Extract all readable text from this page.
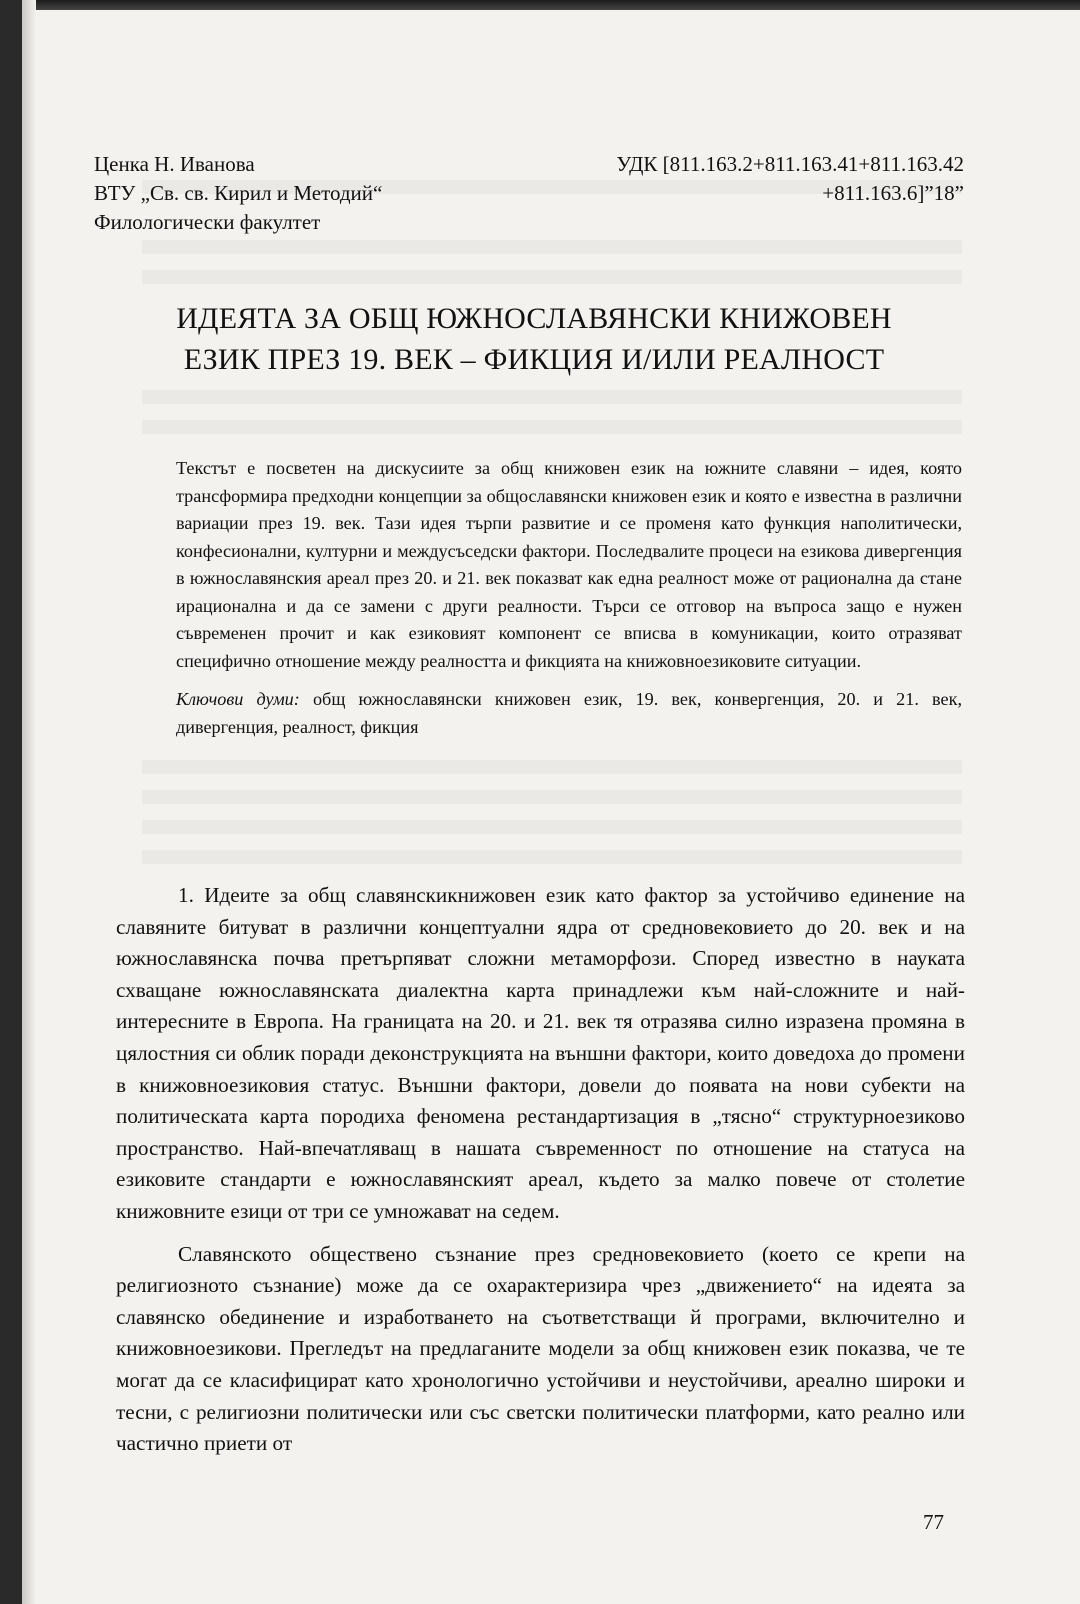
Ценка Н. Иванова	УДК [811.163.2+811.163.41+811.163.42
ВТУ „Св. св. Кирил и Методий“	+811.163.6]”18”
Филологически факултет
ИДЕЯТА ЗА ОБЩ ЮЖНОСЛАВЯНСКИ КНИЖОВЕН
ЕЗИК ПРЕЗ 19. ВЕК – ФИКЦИЯ И/ИЛИ РЕАЛНОСТ

Текстът е посветен на дискусиите за общ книжовен език на южните славяни – идея, която трансформира предходни концепции за общославянски книжовен език и която е известна в различни вариации през 19. век. Тази идея търпи развитие и се променя като функция наполитически, конфесионални, културни и междусъседски фактори. Последвалите процеси на езикова дивергенция в южнославянския ареал през 20. и 21. век показват как една реалност може от рационална да стане ирационална и да се замени с други реалности. Търси се отговор на въпроса защо е нужен съвременен прочит и как езиковият компонент се вписва в комуникации, които отразяват специфично отношение между реалността и фикцията на книжовноезиковите ситуации.

Ключови думи: общ южнославянски книжовен език, 19. век, конвергенция, 20. и 21. век, дивергенция, реалност, фикция

1. Идеите за общ славянскикнижовен език като фактор за устойчиво единение на славяните битуват в различни концептуални ядра от средновековието до 20. век и на южнославянска почва претърпяват сложни метаморфози. Според известно в науката схващане южнославянската диалектна карта принадлежи към най-сложните и най-интересните в Европа. На границата на 20. и 21. век тя отразява силно изразена промяна в цялостния си облик поради деконструкцията на външни фактори, които доведоха до промени в книжовноезиковия статус. Външни фактори, довели до появата на нови субекти на политическата карта породиха феномена рестандартизация в „тясно“ структурноезиково пространство. Най-впечатляващ в нашата съвременност по отношение на статуса на езиковите стандарти е южнославянският ареал, където за малко повече от столетие книжовните езици от три се умножават на седем.

Славянското обществено съзнание през средновековието (което се крепи на религиозното съзнание) може да се охарактеризира чрез „движението“ на идеята за славянско обединение и изработването на съответстващи й програми, включително и книжовноезикови. Прегледът на предлаганите модели за общ книжовен език показва, че те могат да се класифицират като хронологично устойчиви и неустойчиви, ареално широки и тесни, с религиозни политически или със светски политически платформи, като реално или частично приети от

77
